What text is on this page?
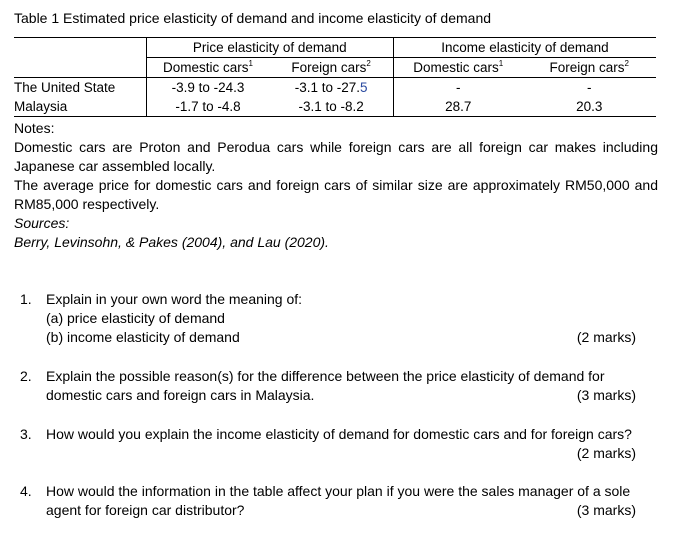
Table 1 Estimated price elasticity of demand and income elasticity of demand
	Price elasticity of demand		Income elasticity of demand	
	Domestic cars$^1$	Foreign cars$^2$	Domestic cars$^1$	Foreign cars$^2$
The United State	-3.9 to -24.3	-3.1 to -27.5	-	-
Malaysia	-1.7 to -4.8	-3.1 to -8.2	28.7	20.3

Notes:

Domestic cars are Proton and Perodua cars while foreign cars are all foreign car makes including Japanese car assembled locally.

The average price for domestic cars and foreign cars of similar size are approximately RM50,000 and RM85,000 respectively.

Sources:

Berry, Levinsohn, & Pakes (2004), and Lau (2020).

1. Explain in your own word the meaning of:
(a) price elasticity of demand
(b) income elasticity of demand	(2 marks)
2. Explain the possible reason(s) for the difference between the price elasticity of demand for
domestic cars and foreign cars in Malaysia.	(3 marks)
3. How would you explain the income elasticity of demand for domestic cars and for foreign cars?
(2 marks)
4. How would the information in the table affect your plan if you were the sales manager of a sole
agent for foreign car distributor?	(3 marks)
